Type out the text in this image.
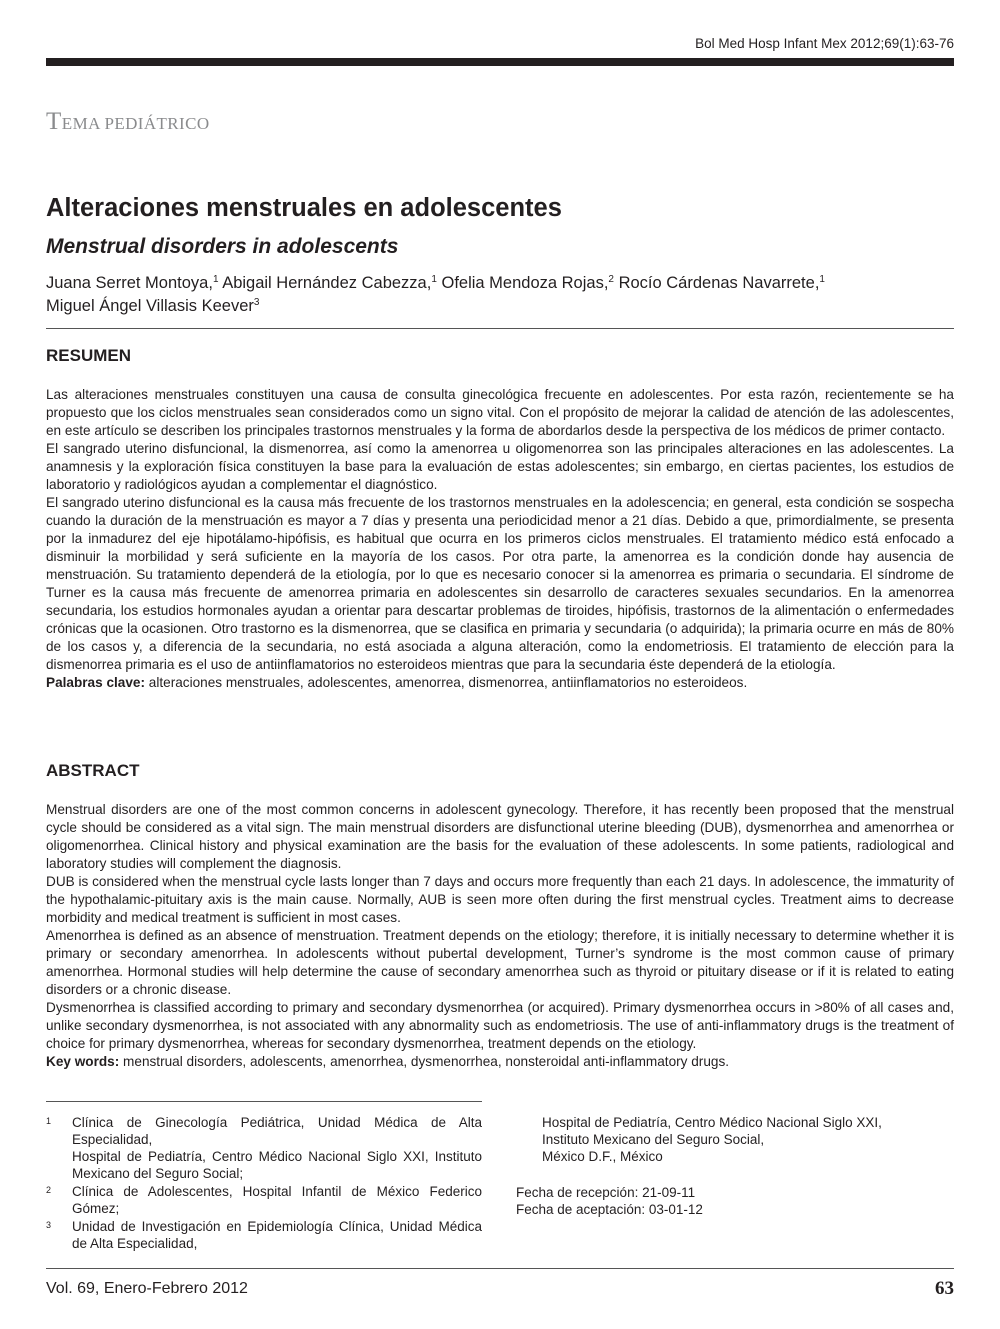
Bol Med Hosp Infant Mex 2012;69(1):63-76
TEMA PEDIÁTRICO
Alteraciones menstruales en adolescentes
Menstrual disorders in adolescents
Juana Serret Montoya,$^1$ Abigail Hernández Cabezza,$^1$ Ofelia Mendoza Rojas,$^2$ Rocío Cárdenas Navarrete,$^1$
Miguel Ángel Villasis Keever$^3$
RESUMEN

Las alteraciones menstruales constituyen una causa de consulta ginecológica frecuente en adolescentes. Por esta razón, recientemente se ha propuesto que los ciclos menstruales sean considerados como un signo vital. Con el propósito de mejorar la calidad de atención de las adolescentes, en este artículo se describen los principales trastornos menstruales y la forma de abordarlos desde la perspectiva de los médicos de primer contacto.

El sangrado uterino disfuncional, la dismenorrea, así como la amenorrea u oligomenorrea son las principales alteraciones en las adolescentes. La anamnesis y la exploración física constituyen la base para la evaluación de estas adolescentes; sin embargo, en ciertas pacientes, los estudios de laboratorio y radiológicos ayudan a complementar el diagnóstico.

El sangrado uterino disfuncional es la causa más frecuente de los trastornos menstruales en la adolescencia; en general, esta condición se sospecha cuando la duración de la menstruación es mayor a 7 días y presenta una periodicidad menor a 21 días. Debido a que, primordialmente, se presenta por la inmadurez del eje hipotálamo-hipófisis, es habitual que ocurra en los primeros ciclos menstruales. El tratamiento médico está enfocado a disminuir la morbilidad y será suficiente en la mayoría de los casos. Por otra parte, la amenorrea es la condición donde hay ausencia de menstruación. Su tratamiento dependerá de la etiología, por lo que es necesario conocer si la amenorrea es primaria o secundaria. El síndrome de Turner es la causa más frecuente de amenorrea primaria en adolescentes sin desarrollo de caracteres sexuales secundarios. En la amenorrea secundaria, los estudios hormonales ayudan a orientar para descartar problemas de tiroides, hipófisis, trastornos de la alimentación o enfermedades crónicas que la ocasionen. Otro trastorno es la dismenorrea, que se clasifica en primaria y secundaria (o adquirida); la primaria ocurre en más de 80% de los casos y, a diferencia de la secundaria, no está asociada a alguna alteración, como la endometriosis. El tratamiento de elección para la dismenorrea primaria es el uso de antiinflamatorios no esteroideos mientras que para la secundaria éste dependerá de la etiología.

Palabras clave: alteraciones menstruales, adolescentes, amenorrea, dismenorrea, antiinflamatorios no esteroideos.

ABSTRACT

Menstrual disorders are one of the most common concerns in adolescent gynecology. Therefore, it has recently been proposed that the menstrual cycle should be considered as a vital sign. The main menstrual disorders are disfunctional uterine bleeding (DUB), dysmenorrhea and amenorrhea or oligomenorrhea. Clinical history and physical examination are the basis for the evaluation of these adolescents. In some patients, radiological and laboratory studies will complement the diagnosis.

DUB is considered when the menstrual cycle lasts longer than 7 days and occurs more frequently than each 21 days. In adolescence, the immaturity of the hypothalamic-pituitary axis is the main cause. Normally, AUB is seen more often during the first menstrual cycles. Treatment aims to decrease morbidity and medical treatment is sufficient in most cases.

Amenorrhea is defined as an absence of menstruation. Treatment depends on the etiology; therefore, it is initially necessary to determine whether it is primary or secondary amenorrhea. In adolescents without pubertal development, Turner’s syndrome is the most common cause of primary amenorrhea. Hormonal studies will help determine the cause of secondary amenorrhea such as thyroid or pituitary disease or if it is related to eating disorders or a chronic disease.

Dysmenorrhea is classified according to primary and secondary dysmenorrhea (or acquired). Primary dysmenorrhea occurs in >80% of all cases and, unlike secondary dysmenorrhea, is not associated with any abnormality such as endometriosis. The use of anti-inflammatory drugs is the treatment of choice for primary dysmenorrhea, whereas for secondary dysmenorrhea, treatment depends on the etiology.

Key words: menstrual disorders, adolescents, amenorrhea, dysmenorrhea, nonsteroidal anti-inflammatory drugs.

1	Clínica de Ginecología Pediátrica, Unidad Médica de Alta Especialidad,
Hospital de Pediatría, Centro Médico Nacional Siglo XXI, Instituto Mexicano del Seguro Social;
2	Clínica de Adolescentes, Hospital Infantil de México Federico Gómez;
3	Unidad de Investigación en Epidemiología Clínica, Unidad Médica de Alta Especialidad,
Hospital de Pediatría, Centro Médico Nacional Siglo XXI,
Instituto Mexicano del Seguro Social,
México D.F., México
Fecha de recepción: 21-09-11
Fecha de aceptación: 03-01-12
Vol. 69, Enero-Febrero 2012	63
